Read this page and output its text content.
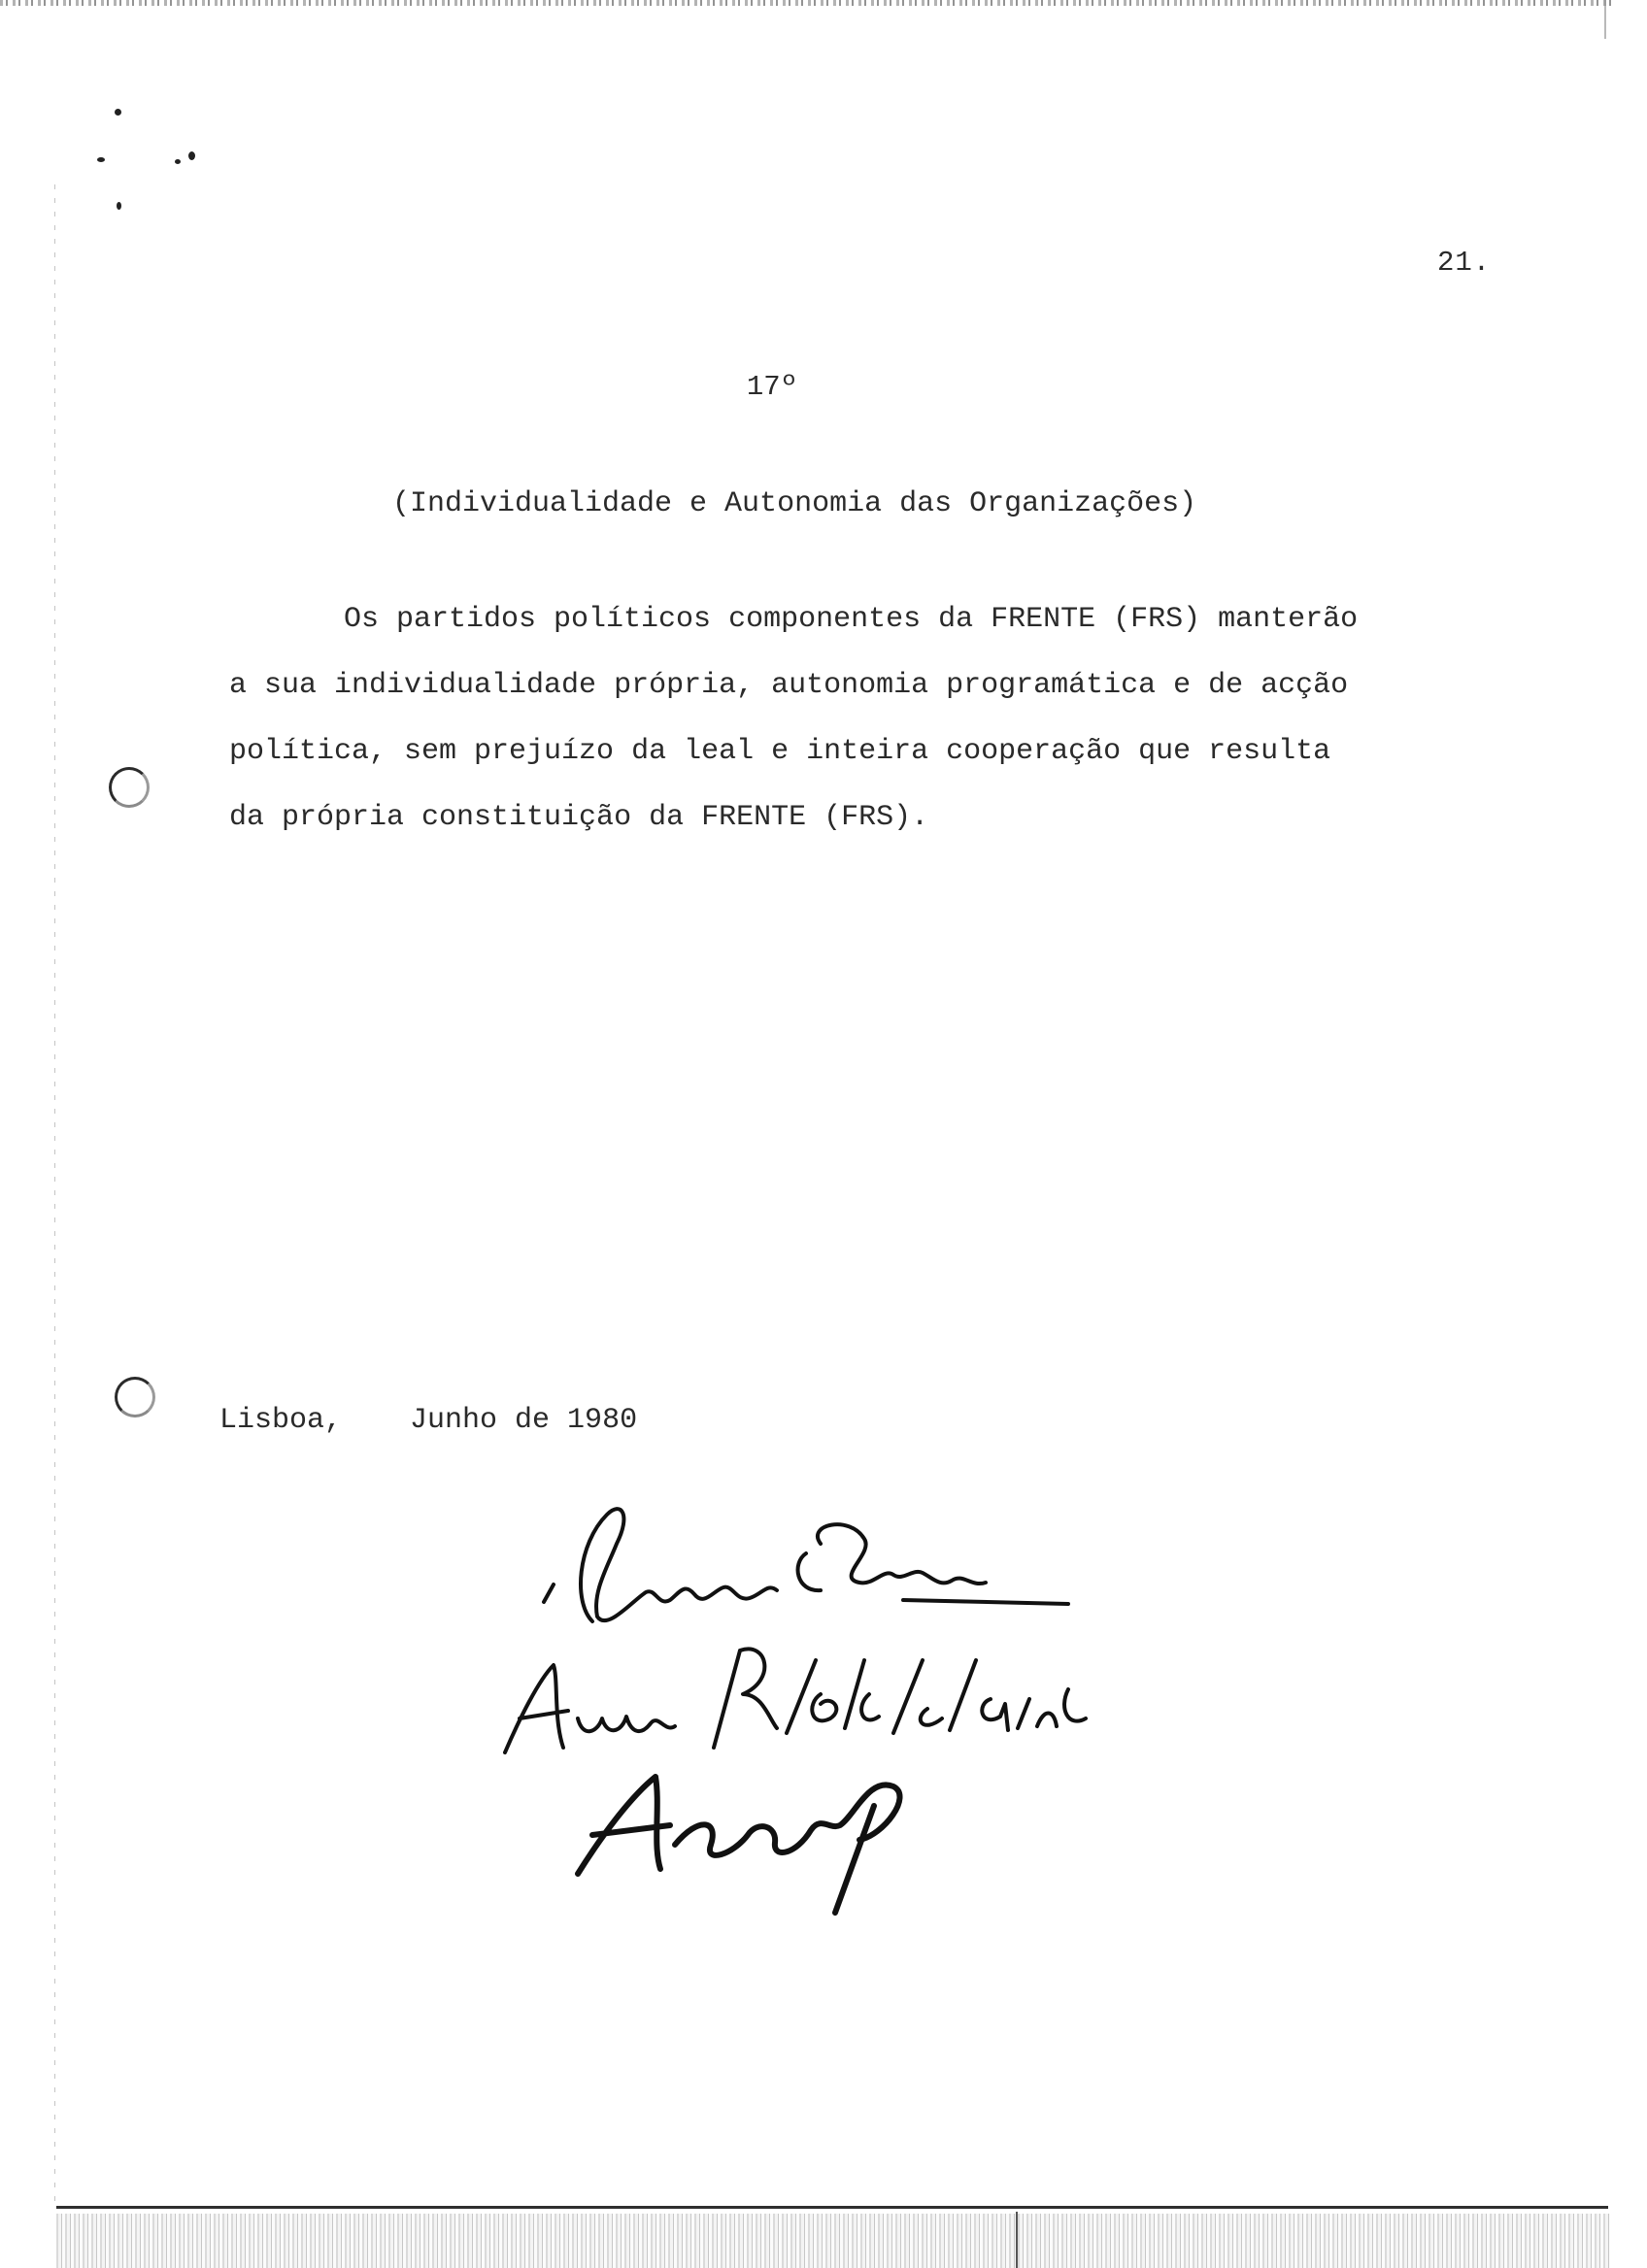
21.
17º
(Individualidade e Autonomia das Organizações)
Os partidos políticos componentes da FRENTE (FRS) manterão
a sua individualidade própria, autonomia programática e de acção
política, sem prejuízo da leal e inteira cooperação que resulta
da própria constituição da FRENTE (FRS).
Lisboa, Junho de 1980
